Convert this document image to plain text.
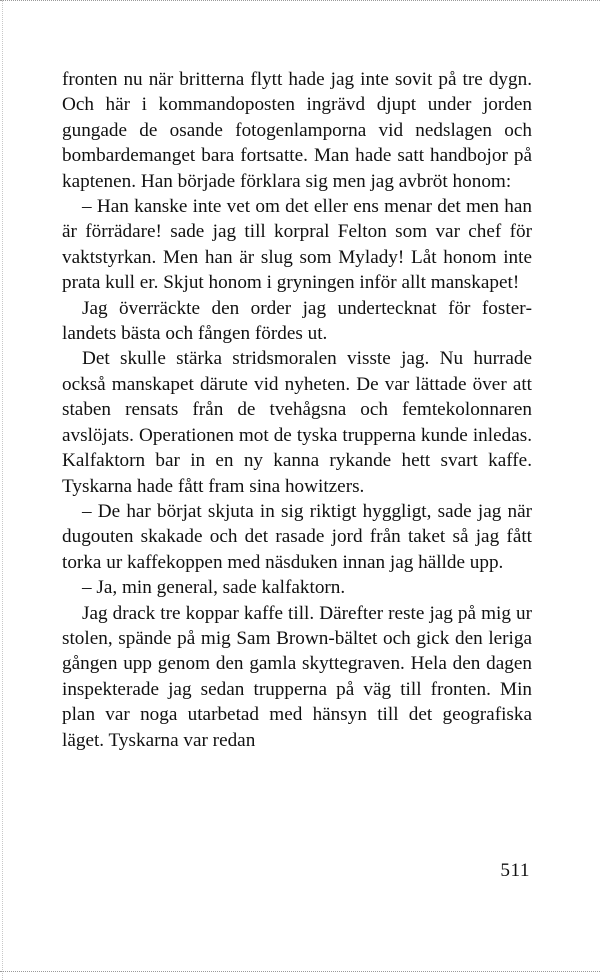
fronten nu när britterna flytt hade jag inte sovit på tre dygn. Och här i kommandoposten ingrävd djupt under jorden gungade de osande fotogenlamporna vid nedslagen och bombardemanget bara fortsatte. Man hade satt handbojor på kaptenen. Han började förklara sig men jag avbröt honom:

– Han kanske inte vet om det eller ens menar det men han är förrädare! sade jag till korpral Felton som var chef för vaktstyrkan. Men han är slug som Mylady! Låt honom inte prata kull er. Skjut honom i gryningen inför allt manskapet!

Jag överräckte den order jag undertecknat för fosterlandets bästa och fången fördes ut.

Det skulle stärka stridsmoralen visste jag. Nu hurrade också manskapet därute vid nyheten. De var lättade över att staben rensats från de tvehågsna och femtekolonnaren avslöjats. Operationen mot de tyska trupperna kunde inledas. Kalfaktorn bar in en ny kanna rykande hett svart kaffe. Tyskarna hade fått fram sina howitzers.

– De har börjat skjuta in sig riktigt hyggligt, sade jag när dugouten skakade och det rasade jord från taket så jag fått torka ur kaffekoppen med näsduken innan jag hällde upp.

– Ja, min general, sade kalfaktorn.

Jag drack tre koppar kaffe till. Därefter reste jag på mig ur stolen, spände på mig Sam Brown-bältet och gick den leriga gången upp genom den gamla skyttegraven. Hela den dagen inspekterade jag sedan trupperna på väg till fronten. Min plan var noga utarbetad med hänsyn till det geografiska läget. Tyskarna var redan

511
